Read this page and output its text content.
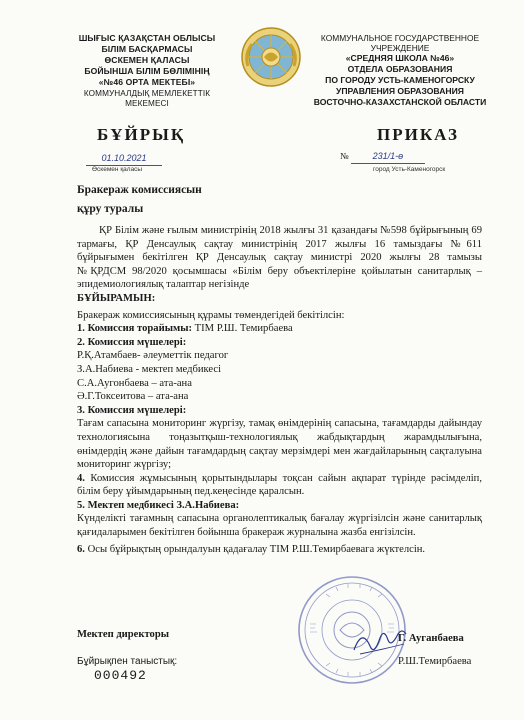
ШЫҒЫС ҚАЗАҚСТАН ОБЛЫСЫ
БІЛІМ БАСҚАРМАСЫ
ӨСКЕМЕН ҚАЛАСЫ
БОЙЫНША БІЛІМ БӨЛІМІНІҢ
«№46 ОРТА МЕКТЕБІ»
КОММУНАЛДЫҚ МЕМЛЕКЕТТІК
МЕКЕМЕСІ
КОММУНАЛЬНОЕ ГОСУДАРСТВЕННОЕ
УЧРЕЖДЕНИЕ
«СРЕДНЯЯ ШКОЛА №46»
ОТДЕЛА ОБРАЗОВАНИЯ
ПО ГОРОДУ УСТЬ-КАМЕНОГОРСКУ
УПРАВЛЕНИЯ ОБРАЗОВАНИЯ
ВОСТОЧНО-КАЗАХСТАНСКОЙ ОБЛАСТИ
БҰЙРЫҚ	ПРИКАЗ
01.10.2021
Өскемен қаласы
№	231/1-ө
город Усть-Каменогорск
Бракераж комиссиясын
құру туралы

ҚР Білім және ғылым министрінің 2018 жылғы 31 қазандағы №598 бұйрығының 69 тармағы, ҚР Денсаулық сақтау министрінің 2017 жылғы 16 тамыздағы №611 бұйрығымен бекітілген ҚР Денсаулық сақтау министрі 2020 жылғы 28 тамызы №ҚРДСМ 98/2020 қосымшасы «Білім беру объектілеріне қойылатын санитарлық –эпидемиологиялық талаптар негізінде

БҰЙЫРАМЫН:

Бракераж комиссиясының құрамы төмендегідей бекітілсін:

1. Комиссия торайымы: ТІМ Р.Ш. Темирбаева

2. Комиссия мүшелері:

Р.Қ.Атамбаев- әлеуметтік педагог

З.А.Набиева - мектеп медбикесі

С.А.Аугонбаева – ата-ана

Ә.Г.Токсеитова – ата-ана

3. Комиссия мүшелері:

Тағам сапасына мониторинг жүргізу, тамақ өнімдерінің сапасына, тағамдарды дайындау технологиясына тоңазытқыш-технологиялық жабдықтардың жарамдылығына, өнімдердің және дайын тағамдардың сақтау мерзімдері мен жағдайларының сақталуына мониторинг жүргізу;

4. Комиссия жұмысының қорытындылары тоқсан сайын ақпарат түрінде рәсімделіп, білім беру ұйымдарының пед.кеңесінде қаралсын.

5. Мектеп медбикесі З.А.Набиева:

Күнделікті тағамның сапасына органолептикалық бағалау жүргізілсін және санитарлық қағидаларымен бекітілген бойынша бракераж журналына жазба енгізілсін.

6. Осы бұйрықтың орындалуын қадағалау ТІМ Р.Ш.Темирбаевага жүктелсін.

Мектеп директоры	Г. Ауганбаева
Бұйрықпен таныстық:
000492
Р.Ш.Темирбаева
